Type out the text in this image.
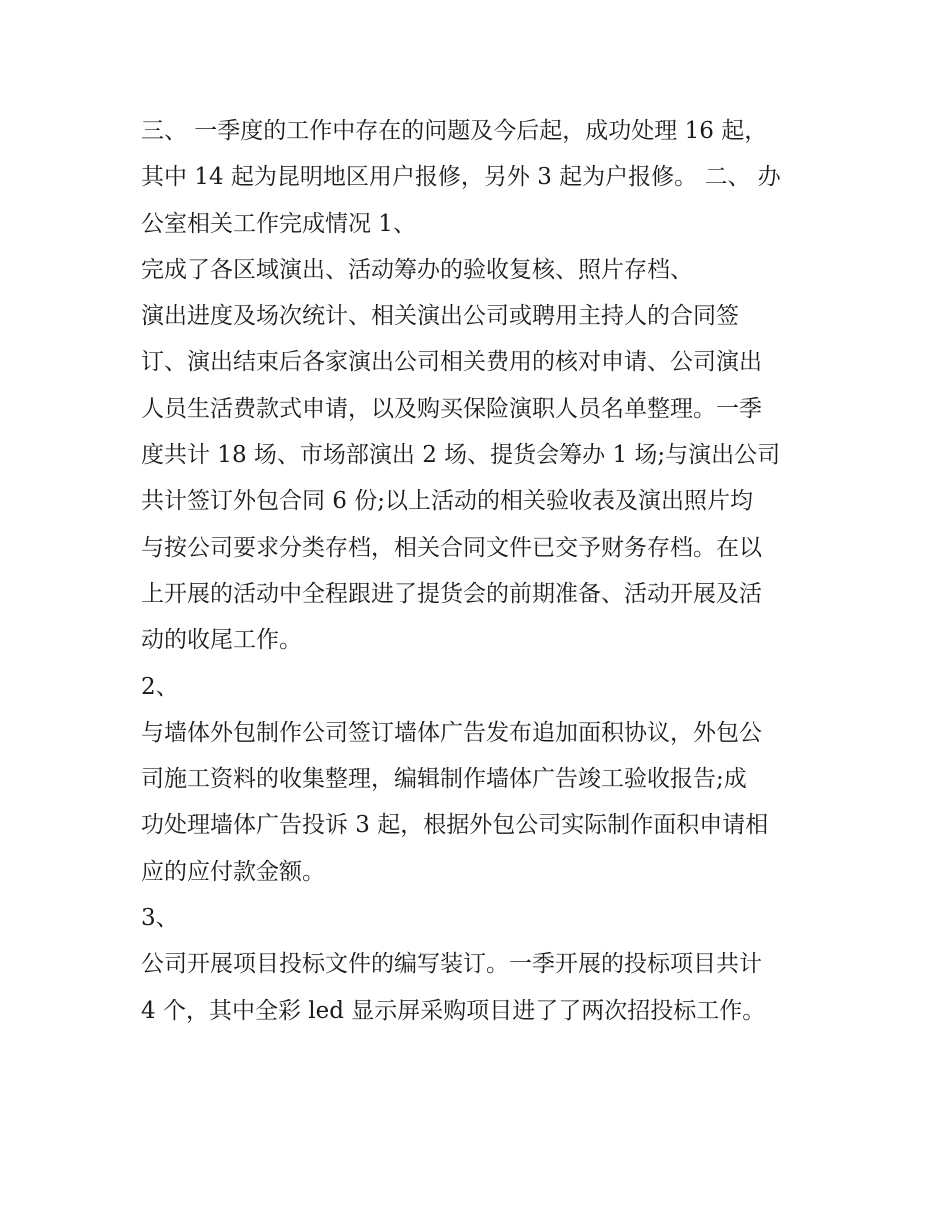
三、 一季度的工作中存在的问题及今后起，成功处理 16 起，
其中 14 起为昆明地区用户报修，另外 3 起为户报修。 二、 办
公室相关工作完成情况 1、
完成了各区域演出、活动筹办的验收复核、照片存档、
演出进度及场次统计、相关演出公司或聘用主持人的合同签
订、演出结束后各家演出公司相关费用的核对申请、公司演出
人员生活费款式申请，以及购买保险演职人员名单整理。一季
度共计 18 场、市场部演出 2 场、提货会筹办 1 场;与演出公司
共计签订外包合同 6 份;以上活动的相关验收表及演出照片均
与按公司要求分类存档，相关合同文件已交予财务存档。在以
上开展的活动中全程跟进了提货会的前期准备、活动开展及活
动的收尾工作。
2、
与墙体外包制作公司签订墙体广告发布追加面积协议，外包公
司施工资料的收集整理，编辑制作墙体广告竣工验收报告;成
功处理墙体广告投诉 3 起，根据外包公司实际制作面积申请相
应的应付款金额。
3、
公司开展项目投标文件的编写装订。一季开展的投标项目共计
4 个，其中全彩 led 显示屏采购项目进了了两次招投标工作。
